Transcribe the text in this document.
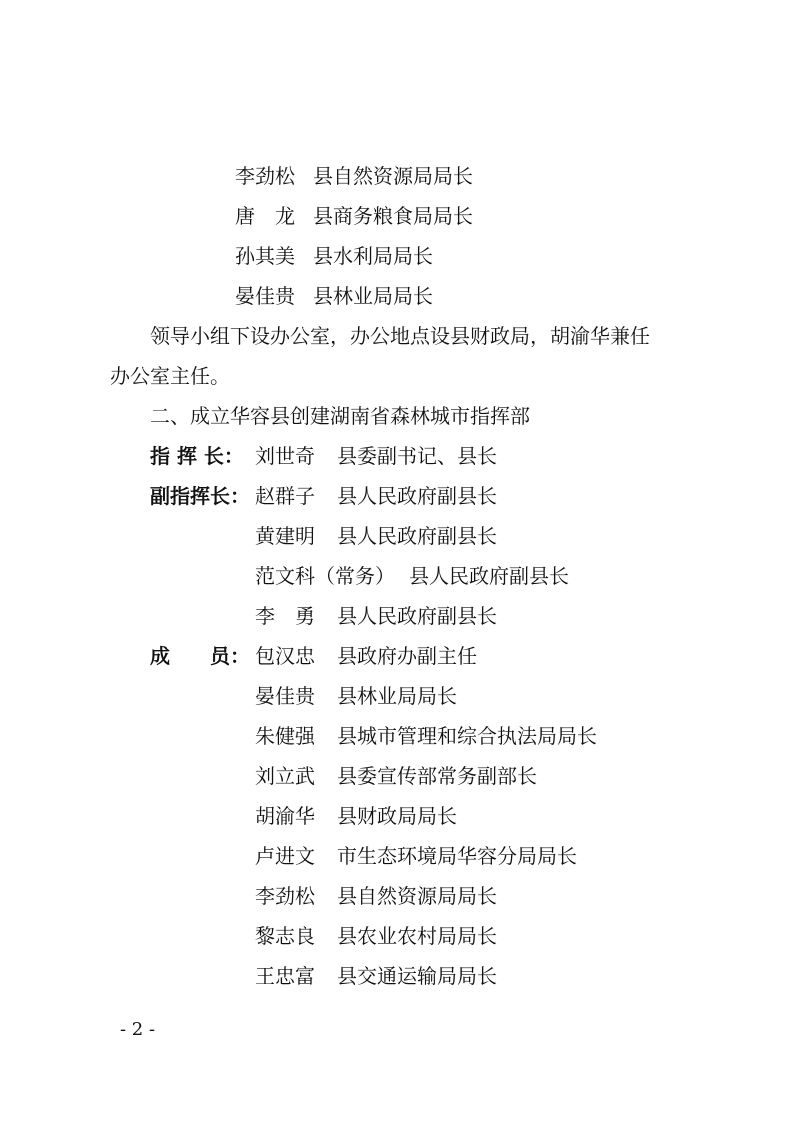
李劲松 县自然资源局局长
唐　龙 县商务粮食局局长
孙其美 县水利局局长
晏佳贵 县林业局局长
领导小组下设办公室，办公地点设县财政局，胡渝华兼任
办公室主任。
二、成立华容县创建湖南省森林城市指挥部
指 挥 长： 刘世奇 县委副书记、县长
副指挥长： 赵群子 县人民政府副县长
黄建明 县人民政府副县长
范文科（常务） 县人民政府副县长
李　勇 县人民政府副县长
成　　员： 包汉忠 县政府办副主任
晏佳贵 县林业局局长
朱健强 县城市管理和综合执法局局长
刘立武 县委宣传部常务副部长
胡渝华 县财政局局长
卢进文 市生态环境局华容分局局长
李劲松 县自然资源局局长
黎志良 县农业农村局局长
王忠富 县交通运输局局长
- 2 -
